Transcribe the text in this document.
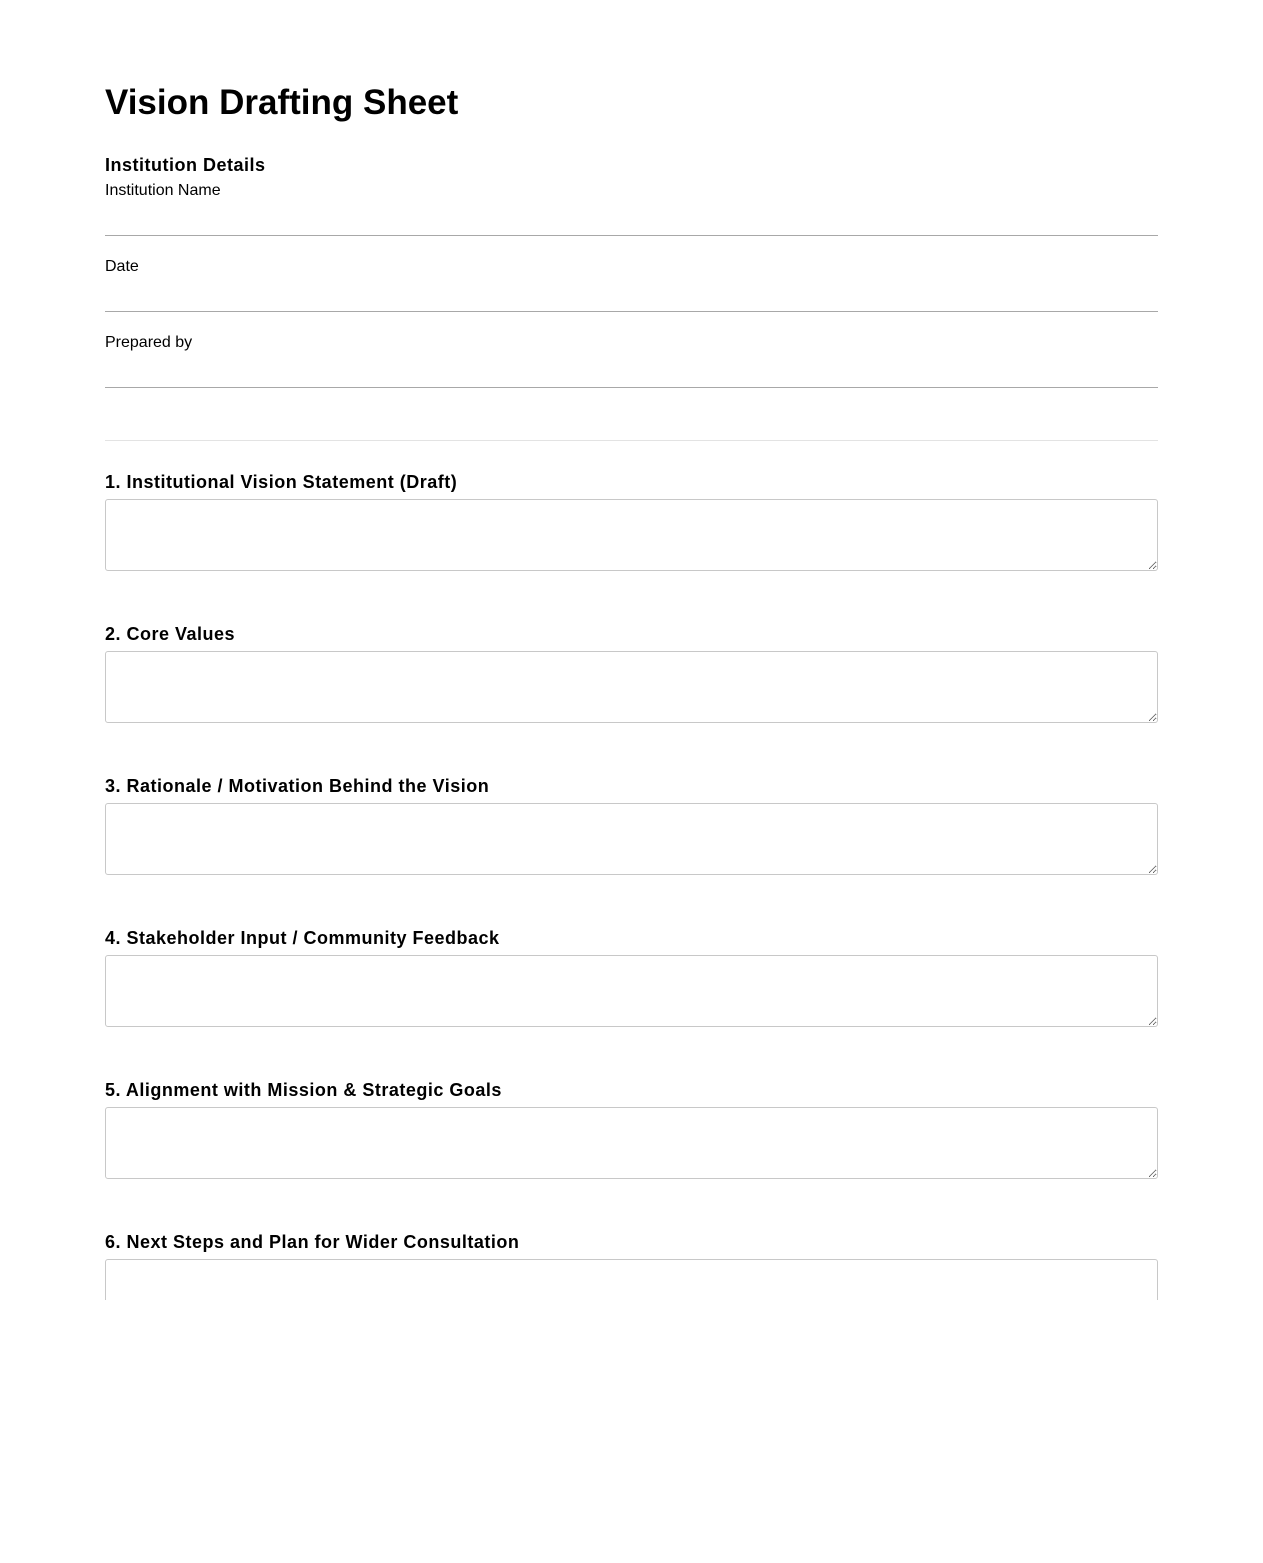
Vision Drafting Sheet
Institution Details
Institution Name
Date
Prepared by
1. Institutional Vision Statement (Draft)
2. Core Values
3. Rationale / Motivation Behind the Vision
4. Stakeholder Input / Community Feedback
5. Alignment with Mission & Strategic Goals
6. Next Steps and Plan for Wider Consultation
